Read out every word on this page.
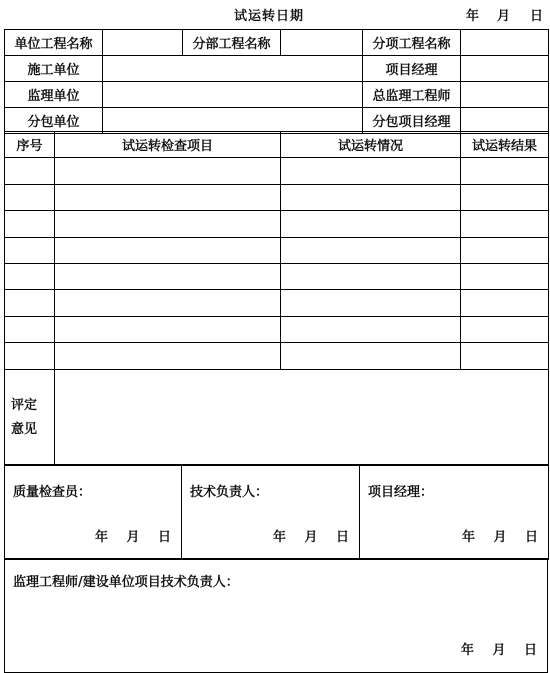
试运转日期	年 月 日
单位工程名称		分部工程名称		分项工程名称	
施工单位				项目经理	
监理单位				总监理工程师	
分包单位				分包项目经理	
序号	试运转检查项目	试运转情况	试运转结果

评定
意见

质量检查员：
年 月 日

技术负责人：
年 月 日

项目经理：
年 月 日
监理工程师/建设单位项目技术负责人：
年 月 日
